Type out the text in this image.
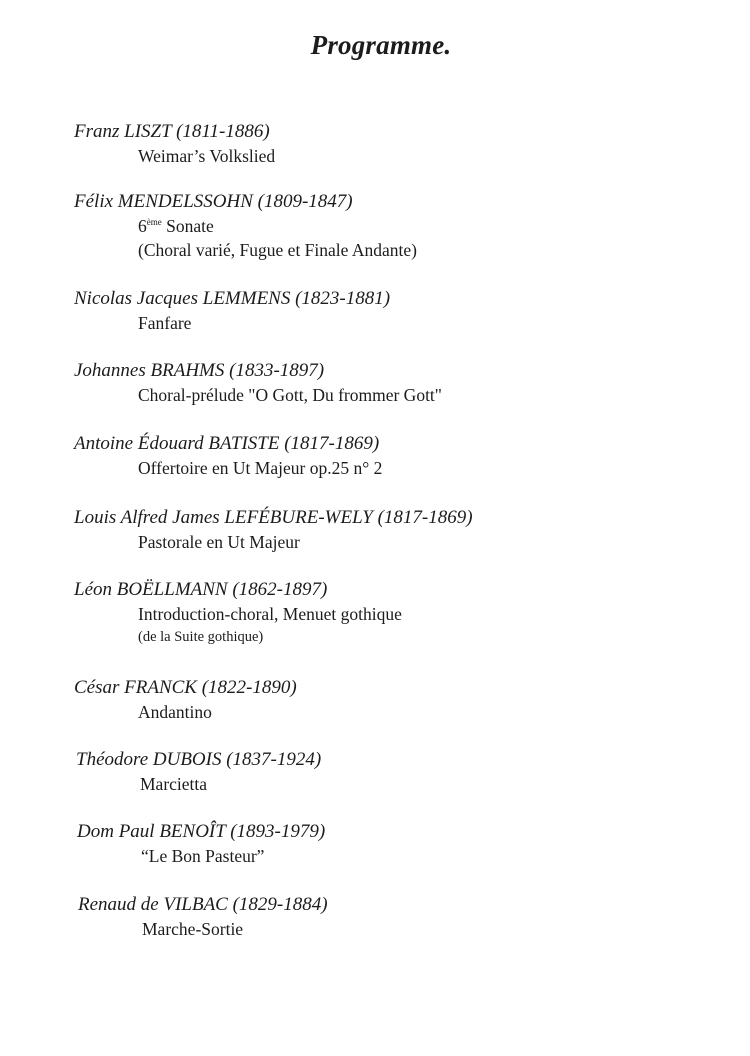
Programme.
Franz LISZT (1811-1886)
Weimar’s Volkslied
Félix MENDELSSOHN (1809-1847)
6ème Sonate
(Choral varié, Fugue et Finale Andante)
Nicolas Jacques LEMMENS (1823-1881)
Fanfare
Johannes BRAHMS (1833-1897)
Choral-prélude "O Gott, Du frommer Gott"
Antoine Édouard BATISTE (1817-1869)
Offertoire en Ut Majeur op.25 n° 2
Louis Alfred James LEFÉBURE-WELY (1817-1869)
Pastorale en Ut Majeur
Léon BOËLLMANN (1862-1897)
Introduction-choral, Menuet gothique
(de la Suite gothique)
César FRANCK (1822-1890)
Andantino
Théodore DUBOIS (1837-1924)
Marcietta
Dom Paul BENOÎT (1893-1979)
“Le Bon Pasteur”
Renaud de VILBAC (1829-1884)
Marche-Sortie
